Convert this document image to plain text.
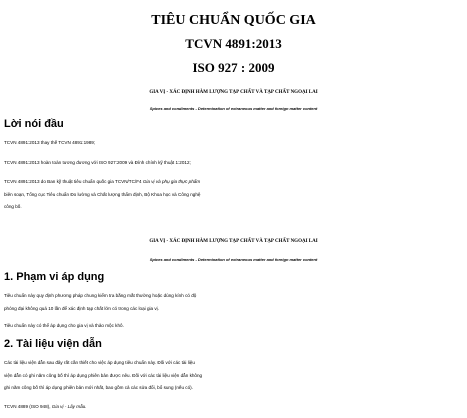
TIÊU CHUẨN QUỐC GIA
TCVN 4891:2013
ISO 927 : 2009
GIA VỊ - XÁC ĐỊNH HÀM LƯỢNG TẠP CHẤT VÀ TẠP CHẤT NGOẠI LAI
Spices and condiments - Determination of extraneous matter and foreign matter content
Lời nói đầu
TCVN 4891:2013 thay thế TCVN 4891:1989;
TCVN 4891:2013 hoàn toàn tương đương với ISO 927:2009 và Đính chính kỹ thuật 1:2012;
TCVN 4891:2013 do Ban kỹ thuật tiêu chuẩn quốc gia TCVN/TC/F4 Gia vị và phụ gia thực phẩm
biên soạn, Tổng cục Tiêu chuẩn Đo lường và Chất lượng thẩm định, Bộ Khoa học và Công nghệ
công bố.
GIA VỊ - XÁC ĐỊNH HÀM LƯỢNG TẠP CHẤT VÀ TẠP CHẤT NGOẠI LAI
Spices and condiments - Determination of extraneous matter and foreign matter content
1. Phạm vi áp dụng
Tiêu chuẩn này quy định phương pháp chung kiểm tra bằng mắt thường hoặc dùng kính có độ
phóng đại không quá 10 lần để xác định tạp chất lớn có trong các loại gia vị.
Tiêu chuẩn này có thể áp dụng cho gia vị và thảo mộc khô.
2. Tài liệu viện dẫn
Các tài liệu viện dẫn sau đây rất cần thiết cho việc áp dụng tiêu chuẩn này. Đối với các tài liệu
viện dẫn có ghi năm công bố thì áp dụng phiên bản được nêu. Đối với các tài liệu viện dẫn không
ghi năm công bố thì áp dụng phiên bản mới nhất, bao gồm cả các sửa đổi, bổ sung (nếu có).
TCVN 4889 (ISO 948), Gia vị - Lấy mẫu.
